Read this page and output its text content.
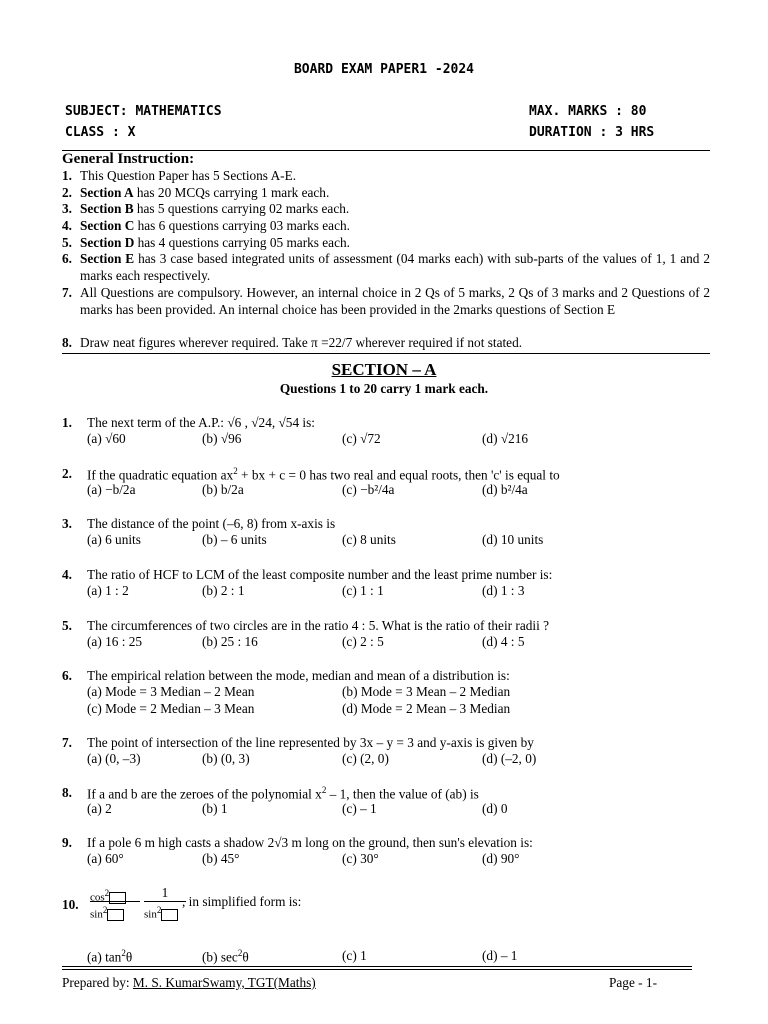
BOARD EXAM PAPER1 -2024
SUBJECT: MATHEMATICS	MAX. MARKS : 80
CLASS : X	DURATION : 3 HRS
General Instruction:
1. This Question Paper has 5 Sections A-E.
2. Section A has 20 MCQs carrying 1 mark each.
3. Section B has 5 questions carrying 02 marks each.
4. Section C has 6 questions carrying 03 marks each.
5. Section D has 4 questions carrying 05 marks each.
6. Section E has 3 case based integrated units of assessment (04 marks each) with sub-parts of the values of 1, 1 and 2 marks each respectively.
7. All Questions are compulsory. However, an internal choice in 2 Qs of 5 marks, 2 Qs of 3 marks and 2 Questions of 2 marks has been provided. An internal choice has been provided in the 2marks questions of Section E
8. Draw neat figures wherever required. Take π =22/7 wherever required if not stated.
SECTION – A
Questions 1 to 20 carry 1 mark each.
1. The next term of the A.P.: √6 , √24, √54 is:
(a) √60	(b) √96	(c) √72	(d) √216
2. If the quadratic equation $ax^2$ + bx + c = 0 has two real and equal roots, then 'c' is equal to
(a) −b/2a	(b) b/2a	(c) −b²/4a	(d) b²/4a
3. The distance of the point (–6, 8) from x-axis is
(a) 6 units	(b) – 6 units	(c) 8 units	(d) 10 units
4. The ratio of HCF to LCM of the least composite number and the least prime number is:
(a) 1 : 2	(b) 2 : 1	(c) 1 : 1	(d) 1 : 3
5. The circumferences of two circles are in the ratio 4 : 5. What is the ratio of their radii ?
(a) 16 : 25	(b) 25 : 16	(c) 2 : 5	(d) 4 : 5
6. The empirical relation between the mode, median and mean of a distribution is:
(a) Mode = 3 Median – 2 Mean	(b) Mode = 3 Mean – 2 Median
(c) Mode = 2 Median – 3 Mean	(d) Mode = 2 Mean – 3 Median
7. The point of intersection of the line represented by 3x – y = 3 and y-axis is given by
(a) (0, –3)	(b) (0, 3)	(c) (2, 0)	(d) (–2, 0)
8. If a and b are the zeroes of the polynomial $x^2 - 1$, then the value of (ab) is
(a) 2	(b) 1	(c) – 1	(d) 0
9. If a pole 6 m high casts a shadow 2√3 m long on the ground, then sun's elevation is:
(a) 60°	(b) 45°	(c) 30°	(d) 90°
10. $\cos^2$
$\sin^2$
1
$\sin^2$
, in simplified form is:
(a) $\tan^2\theta$	(b) $\sec^2\theta$	(c) 1	(d) – 1
Prepared by: M. S. KumarSwamy, TGT(Maths)	Page - 1-
